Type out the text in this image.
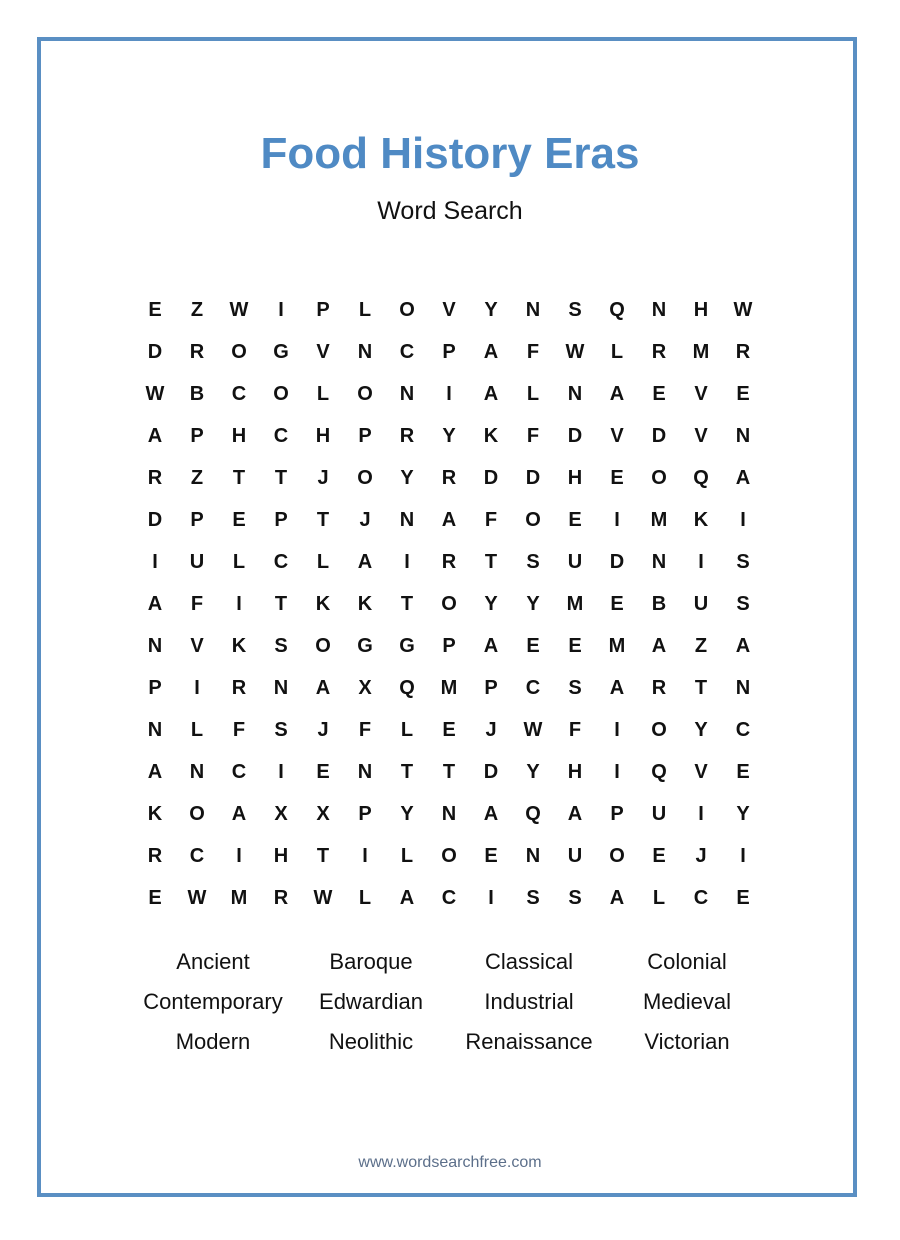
Food History Eras
Word Search
E	Z	W	I	P	L	O	V	Y	N	S	Q	N	H	W
D	R	O	G	V	N	C	P	A	F	W	L	R	M	R
W	B	C	O	L	O	N	I	A	L	N	A	E	V	E
A	P	H	C	H	P	R	Y	K	F	D	V	D	V	N
R	Z	T	T	J	O	Y	R	D	D	H	E	O	Q	A
D	P	E	P	T	J	N	A	F	O	E	I	M	K	I
I	U	L	C	L	A	I	R	T	S	U	D	N	I	S
A	F	I	T	K	K	T	O	Y	Y	M	E	B	U	S
N	V	K	S	O	G	G	P	A	E	E	M	A	Z	A
P	I	R	N	A	X	Q	M	P	C	S	A	R	T	N
N	L	F	S	J	F	L	E	J	W	F	I	O	Y	C
A	N	C	I	E	N	T	T	D	Y	H	I	Q	V	E
K	O	A	X	X	P	Y	N	A	Q	A	P	U	I	Y
R	C	I	H	T	I	L	O	E	N	U	O	E	J	I
E	W	M	R	W	L	A	C	I	S	S	A	L	C	E
Ancient	Baroque	Classical	Colonial
Contemporary	Edwardian	Industrial	Medieval
Modern	Neolithic	Renaissance	Victorian
www.wordsearchfree.com
